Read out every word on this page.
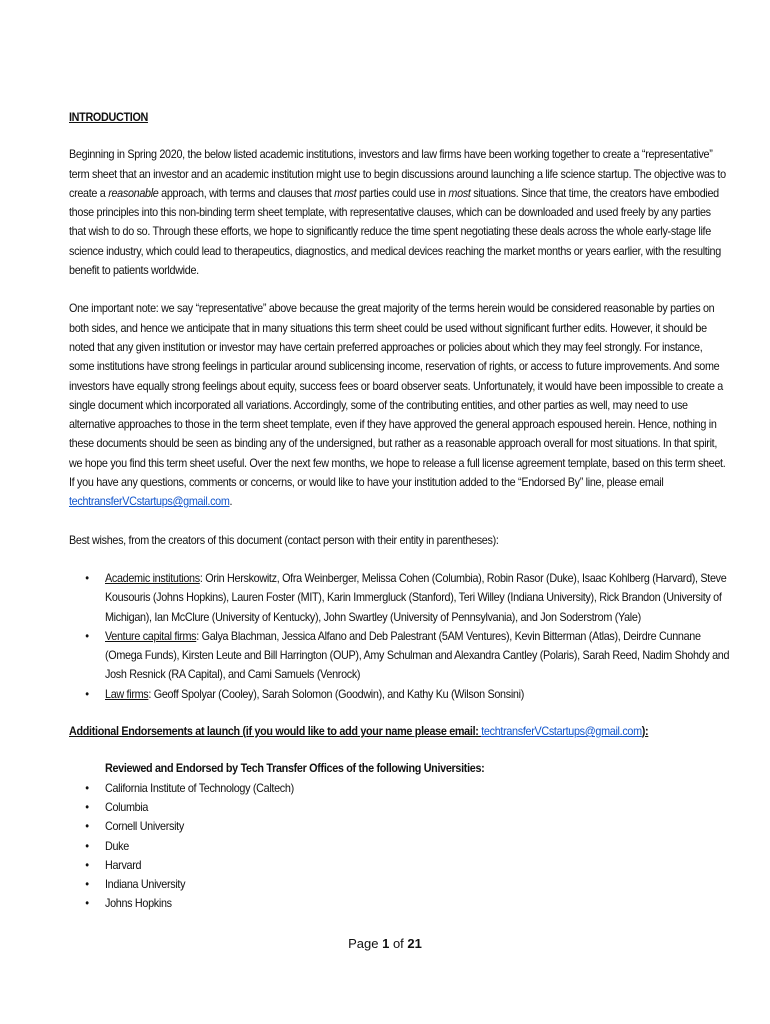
INTRODUCTION

Beginning in Spring 2020, the below listed academic institutions, investors and law firms have been working together to create a “representative” term sheet that an investor and an academic institution might use to begin discussions around launching a life science startup. The objective was to create a reasonable approach, with terms and clauses that most parties could use in most situations. Since that time, the creators have embodied those principles into this non-binding term sheet template, with representative clauses, which can be downloaded and used freely by any parties that wish to do so. Through these efforts, we hope to significantly reduce the time spent negotiating these deals across the whole early-stage life science industry, which could lead to therapeutics, diagnostics, and medical devices reaching the market months or years earlier, with the resulting benefit to patients worldwide.

One important note: we say “representative” above because the great majority of the terms herein would be considered reasonable by parties on both sides, and hence we anticipate that in many situations this term sheet could be used without significant further edits. However, it should be noted that any given institution or investor may have certain preferred approaches or policies about which they may feel strongly. For instance, some institutions have strong feelings in particular around sublicensing income, reservation of rights, or access to future improvements. And some investors have equally strong feelings about equity, success fees or board observer seats. Unfortunately, it would have been impossible to create a single document which incorporated all variations. Accordingly, some of the contributing entities, and other parties as well, may need to use alternative approaches to those in the term sheet template, even if they have approved the general approach espoused herein. Hence, nothing in these documents should be seen as binding any of the undersigned, but rather as a reasonable approach overall for most situations. In that spirit, we hope you find this term sheet useful. Over the next few months, we hope to release a full license agreement template, based on this term sheet. If you have any questions, comments or concerns, or would like to have your institution added to the “Endorsed By” line, please email techtransferVCstartups@gmail.com.

Best wishes, from the creators of this document (contact person with their entity in parentheses):

• Academic institutions: Orin Herskowitz, Ofra Weinberger, Melissa Cohen (Columbia), Robin Rasor (Duke), Isaac Kohlberg (Harvard), Steve Kousouris (Johns Hopkins), Lauren Foster (MIT), Karin Immergluck (Stanford), Teri Willey (Indiana University), Rick Brandon (University of Michigan), Ian McClure (University of Kentucky), John Swartley (University of Pennsylvania), and Jon Soderstrom (Yale)
• Venture capital firms: Galya Blachman, Jessica Alfano and Deb Palestrant (5AM Ventures), Kevin Bitterman (Atlas), Deirdre Cunnane (Omega Funds), Kirsten Leute and Bill Harrington (OUP), Amy Schulman and Alexandra Cantley (Polaris), Sarah Reed, Nadim Shohdy and Josh Resnick (RA Capital), and Cami Samuels (Venrock)
• Law firms: Geoff Spolyar (Cooley), Sarah Solomon (Goodwin), and Kathy Ku (Wilson Sonsini)
Additional Endorsements at launch (if you would like to add your name please email: techtransferVCstartups@gmail.com):
Reviewed and Endorsed by Tech Transfer Offices of the following Universities:
• California Institute of Technology (Caltech)
• Columbia
• Cornell University
• Duke
• Harvard
• Indiana University
• Johns Hopkins
Page 1 of 21
